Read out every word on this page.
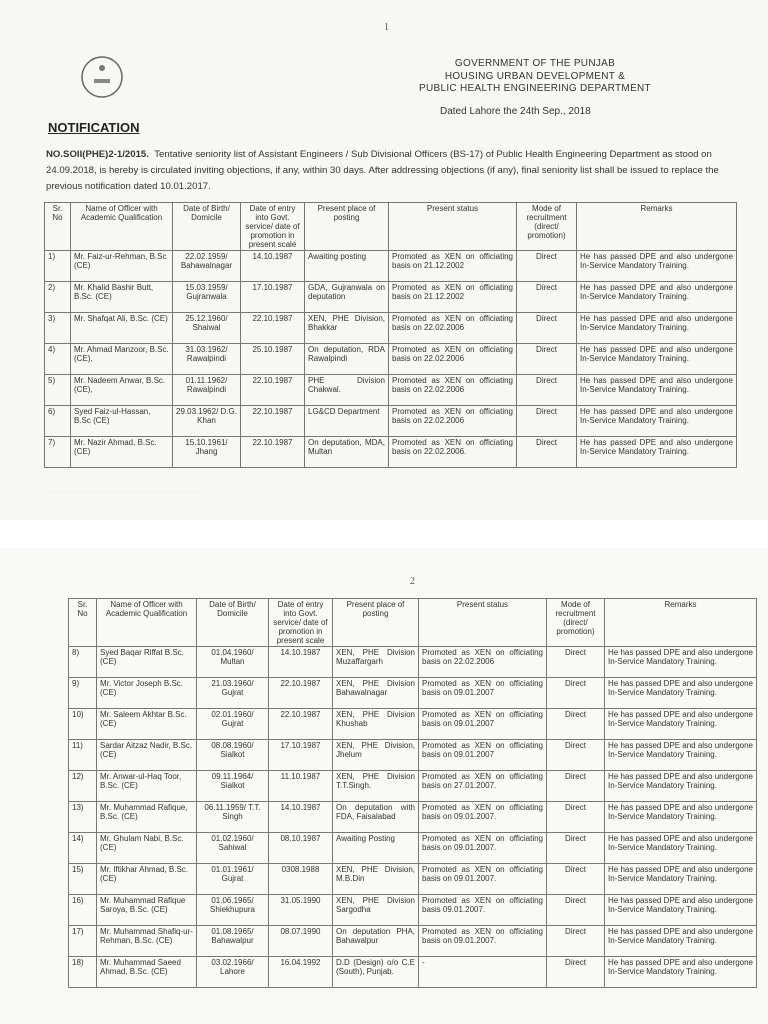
1
GOVERNMENT OF THE PUNJAB
HOUSING URBAN DEVELOPMENT &
PUBLIC HEALTH ENGINEERING DEPARTMENT
Dated Lahore the 24th Sep., 2018
NOTIFICATION
NO.SOII(PHE)2-1/2015. Tentative seniority list of Assistant Engineers / Sub Divisional Officers (BS-17) of Public Health Engineering Department as stood on 24.09.2018, is hereby is circulated inviting objections, if any, within 30 days. After addressing objections (if any), final seniority list shall be issued to replace the previous notification dated 10.01.2017.
Sr. No	Name of Officer with Academic Qualification	Date of Birth/ Domicile	Date of entry into Govt. service/ date of promotion in present scale	Present place of posting	Present status	Mode of recruitment (direct/ promotion)	Remarks
1)	Mr. Faiz-ur-Rehman, B.Sc (CE)	22.02.1959/ Bahawalnagar	14.10.1987	Awaiting posting	Promoted as XEN on officiating basis on 21.12.2002	Direct	He has passed DPE and also undergone In-Service Mandatory Training.
2)	Mr. Khalid Bashir Butt, B.Sc. (CE)	15.03.1959/ Gujranwala	17.10.1987	GDA, Gujranwala on deputation	Promoted as XEN on officiating basis on 21.12.2002	Direct	He has passed DPE and also undergone In-Service Mandatory Training.
3)	Mr. Shafqat Ali, B.Sc. (CE)	25.12.1960/ Shaiwal	22.10.1987	XEN, PHE Division, Bhakkar	Promoted as XEN on officiating basis on 22.02.2006	Direct	He has passed DPE and also undergone In-Service Mandatory Training.
4)	Mr. Ahmad Manzoor, B.Sc. (CE),	31.03.1962/ Rawalpindi	25.10.1987	On deputation, RDA Rawalpindi	Promoted as XEN on officiating basis on 22.02.2006	Direct	He has passed DPE and also undergone In-Service Mandatory Training.
5)	Mr. Nadeem Anwar, B.Sc. (CE),	01.11.1962/ Rawalpindi	22.10.1987	PHE Division Chakwal.	Promoted as XEN on officiating basis on 22.02.2006	Direct	He has passed DPE and also undergone In-Service Mandatory Training.
6)	Syed Faiz-ul-Hassan, B.Sc (CE)	29.03.1962/ D.G. Khan	22.10.1987	LG&CD Department	Promoted as XEN on officiating basis on 22.02.2006	Direct	He has passed DPE and also undergone In-Service Mandatory Training.
7)	Mr. Nazir Ahmad, B.Sc. (CE)	15.10.1961/ Jhang	22.10.1987	On deputation, MDA, Multan	Promoted as XEN on officiating basis on 22.02.2006.	Direct	He has passed DPE and also undergone In-Service Mandatory Training.
· · · · · · · · · · · · · · · · · · · · · · · · · · · · · · · · · · · · · · · · · · · · · · · · · · · · · · · ·
2
Sr. No	Name of Officer with Academic Qualification	Date of Birth/ Domicile	Date of entry into Govt. service/ date of promotion in present scale	Present place of posting	Present status	Mode of recruitment (direct/ promotion)	Remarks
8)	Syed Baqar Riffat B.Sc. (CE)	01.04.1960/ Multan	14.10.1987	XEN, PHE Division Muzaffargarh	Promoted as XEN on officiating basis on 22.02.2006	Direct	He has passed DPE and also undergone In-Service Mandatory Training.
9)	Mr. Victor Joseph B.Sc. (CE)	21.03.1960/ Gujrat	22.10.1987	XEN, PHE Division Bahawalnagar	Promoted as XEN on officiating basis on 09.01.2007	Direct	He has passed DPE and also undergone In-Service Mandatory Training.
10)	Mr. Saleem Akhtar B.Sc. (CE)	02.01.1960/ Gujrat	22.10.1987	XEN, PHE Division Khushab	Promoted as XEN on officiating basis on 09.01.2007	Direct	He has passed DPE and also undergone In-Service Mandatory Training.
11)	Sardar Aitzaz Nadir, B.Sc. (CE)	08.08.1960/ Sialkot	17.10.1987	XEN, PHE Division, Jhelum	Promoted as XEN on officiating basis on 09.01.2007	Direct	He has passed DPE and also undergone In-Service Mandatory Training.
12)	Mr. Anwar-ul-Haq Toor, B.Sc. (CE)	09.11.1964/ Sialkot	11.10.1987	XEN, PHE Division T.T.Singh.	Promoted as XEN on officiating basis on 27.01.2007.	Direct	He has passed DPE and also undergone In-Service Mandatory Training.
13)	Mr. Muhammad Rafique, B.Sc. (CE)	06.11.1959/ T.T. Singh	14.10.1987	On deputation with FDA, Faisalabad	Promoted as XEN on officiating basis on 09.01.2007.	Direct	He has passed DPE and also undergone In-Service Mandatory Training.
14)	Mr. Ghulam Nabi, B.Sc. (CE)	01.02.1960/ Sahiwal	08.10.1987	Awaiting Posting	Promoted as XEN on officiating basis on 09.01.2007.	Direct	He has passed DPE and also undergone In-Service Mandatory Training.
15)	Mr. Iftikhar Ahmad, B.Sc. (CE)	01.01.1961/ Gujrat	0308.1988	XEN, PHE Division, M.B.Din	Promoted as XEN on officiating basis on 09.01.2007.	Direct	He has passed DPE and also undergone In-Service Mandatory Training.
16)	Mr. Muhammad Rafique Saroya, B.Sc. (CE)	01.06.1965/ Shiekhupura	31.05.1990	XEN, PHE Division Sargodha	Promoted as XEN on officiating basis 09.01.2007.	Direct	He has passed DPE and also undergone In-Service Mandatory Training.
17)	Mr. Muhammad Shafiq-ur-Rehman, B.Sc. (CE)	01.08.1965/ Bahawalpur	08.07.1990	On deputation PHA, Bahawalpur	Promoted as XEN on officiating basis on 09.01.2007.	Direct	He has passed DPE and also undergone In-Service Mandatory Training.
18)	Mr. Muhammad Saeed Ahmad, B.Sc. (CE)	03.02.1966/ Lahore	16.04.1992	D.D (Design) o/o C.E (South), Punjab.	-	Direct	He has passed DPE and also undergone In-Service Mandatory Training.
